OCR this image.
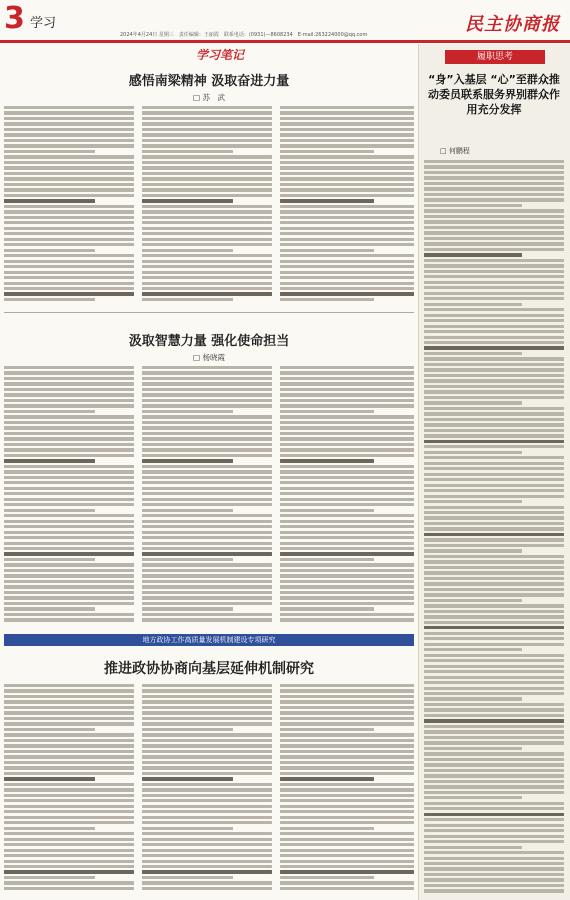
3 学习	民主协商报
2024年4月24日 星期三　责任编辑：王丽霞　联系电话：(0931)—8608234　E-mail:263224000@qq.com
学习笔记
感悟南梁精神 汲取奋进力量
□ 苏　武
汲取智慧力量 强化使命担当
□ 杨晓霞
地方政协工作高质量发展机制建设专项研究
推进政协协商向基层延伸机制研究
履职思考
“身”入基层 “心”至群众推动委员联系服务界别群众作用充分发挥
□ 何鹏程
